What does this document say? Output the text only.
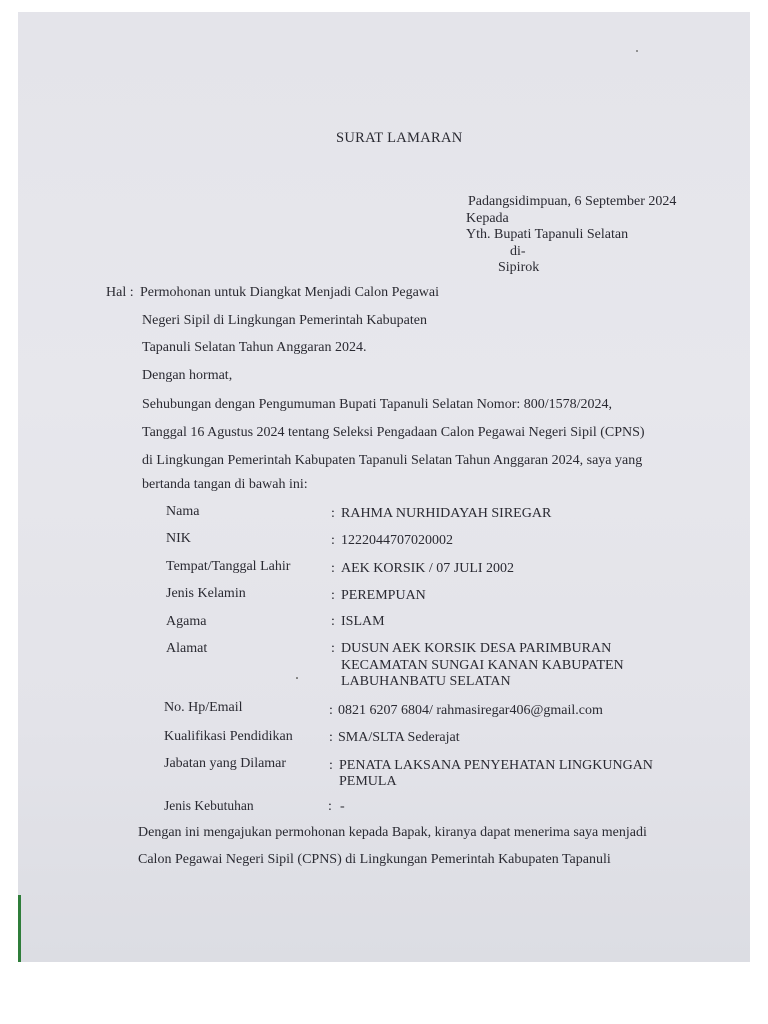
SURAT LAMARAN
Padangsidimpuan, 6 September 2024
Kepada
Yth. Bupati Tapanuli Selatan
di-
Sipirok
Hal : Permohonan untuk Diangkat Menjadi Calon Pegawai
Negeri Sipil di Lingkungan Pemerintah Kabupaten
Tapanuli Selatan Tahun Anggaran 2024.
Dengan hormat,
Sehubungan dengan Pengumuman Bupati Tapanuli Selatan Nomor: 800/1578/2024,
Tanggal 16 Agustus 2024 tentang Seleksi Pengadaan Calon Pegawai Negeri Sipil (CPNS)
di Lingkungan Pemerintah Kabupaten Tapanuli Selatan Tahun Anggaran 2024, saya yang
bertanda tangan di bawah ini:
Nama	: RAHMA NURHIDAYAH SIREGAR
NIK	: 1222044707020002
Tempat/Tanggal Lahir	: AEK KORSIK / 07 JULI 2002
Jenis Kelamin	: PEREMPUAN
Agama	: ISLAM
Alamat	: DUSUN AEK KORSIK DESA PARIMBURAN
KECAMATAN SUNGAI KANAN KABUPATEN
LABUHANBATU SELATAN
No. Hp/Email	: 0821 6207 6804/ rahmasiregar406@gmail.com
Kualifikasi Pendidikan	: SMA/SLTA Sederajat
Jabatan yang Dilamar	: PENATA LAKSANA PENYEHATAN LINGKUNGAN
PEMULA
Jenis Kebutuhan	: -
Dengan ini mengajukan permohonan kepada Bapak, kiranya dapat menerima saya menjadi
Calon Pegawai Negeri Sipil (CPNS) di Lingkungan Pemerintah Kabupaten Tapanuli
